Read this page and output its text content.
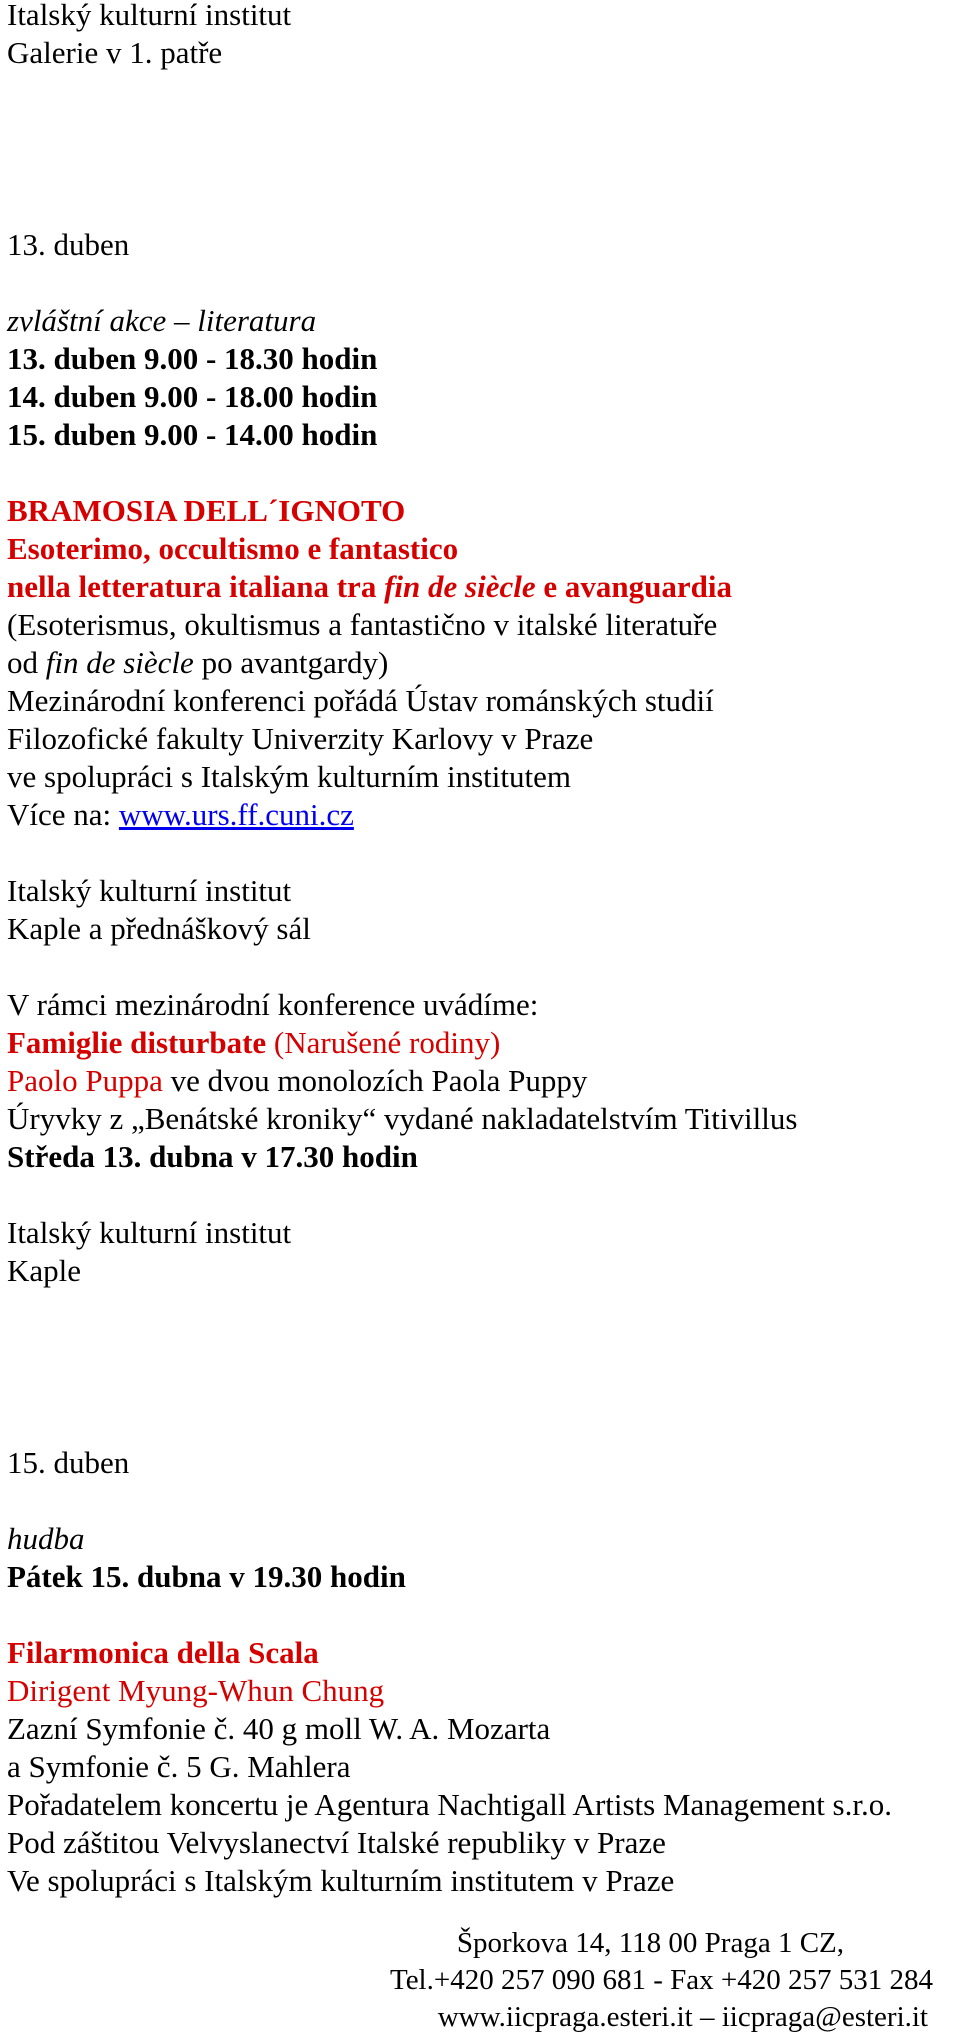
Italský kulturní institut
Galerie v 1. patře
13. duben
zvláštní akce – literatura
13. duben 9.00 - 18.30 hodin
14. duben 9.00 - 18.00 hodin
15. duben 9.00 - 14.00 hodin
BRAMOSIA DELL´IGNOTO
Esoterimo, occultismo e fantastico
nella letteratura italiana tra fin de siècle e avanguardia
(Esoterismus, okultismus a fantastično v italské literatuře
od fin de siècle po avantgardy)
Mezinárodní konferenci pořádá Ústav románských studií
Filozofické fakulty Univerzity Karlovy v Praze
ve spolupráci s Italským kulturním institutem
Více na: www.urs.ff.cuni.cz
Italský kulturní institut
Kaple a přednáškový sál
V rámci mezinárodní konference uvádíme:
Famiglie disturbate (Narušené rodiny)
Paolo Puppa ve dvou monolozích Paola Puppy
Úryvky z „Benátské kroniky“ vydané nakladatelstvím Titivillus
Středa 13. dubna v 17.30 hodin
Italský kulturní institut
Kaple
15. duben
hudba
Pátek 15. dubna v 19.30 hodin
Filarmonica della Scala
Dirigent Myung-Whun Chung
Zazní Symfonie č. 40 g moll W. A. Mozarta
a Symfonie č. 5 G. Mahlera
Pořadatelem koncertu je Agentura Nachtigall Artists Management s.r.o.
Pod záštitou Velvyslanectví Italské republiky v Praze
Ve spolupráci s Italským kulturním institutem v Praze
Šporkova 14, 118 00 Praga 1 CZ,
Tel.+420 257 090 681 - Fax +420 257 531 284
www.iicpraga.esteri.it – iicpraga@esteri.it
